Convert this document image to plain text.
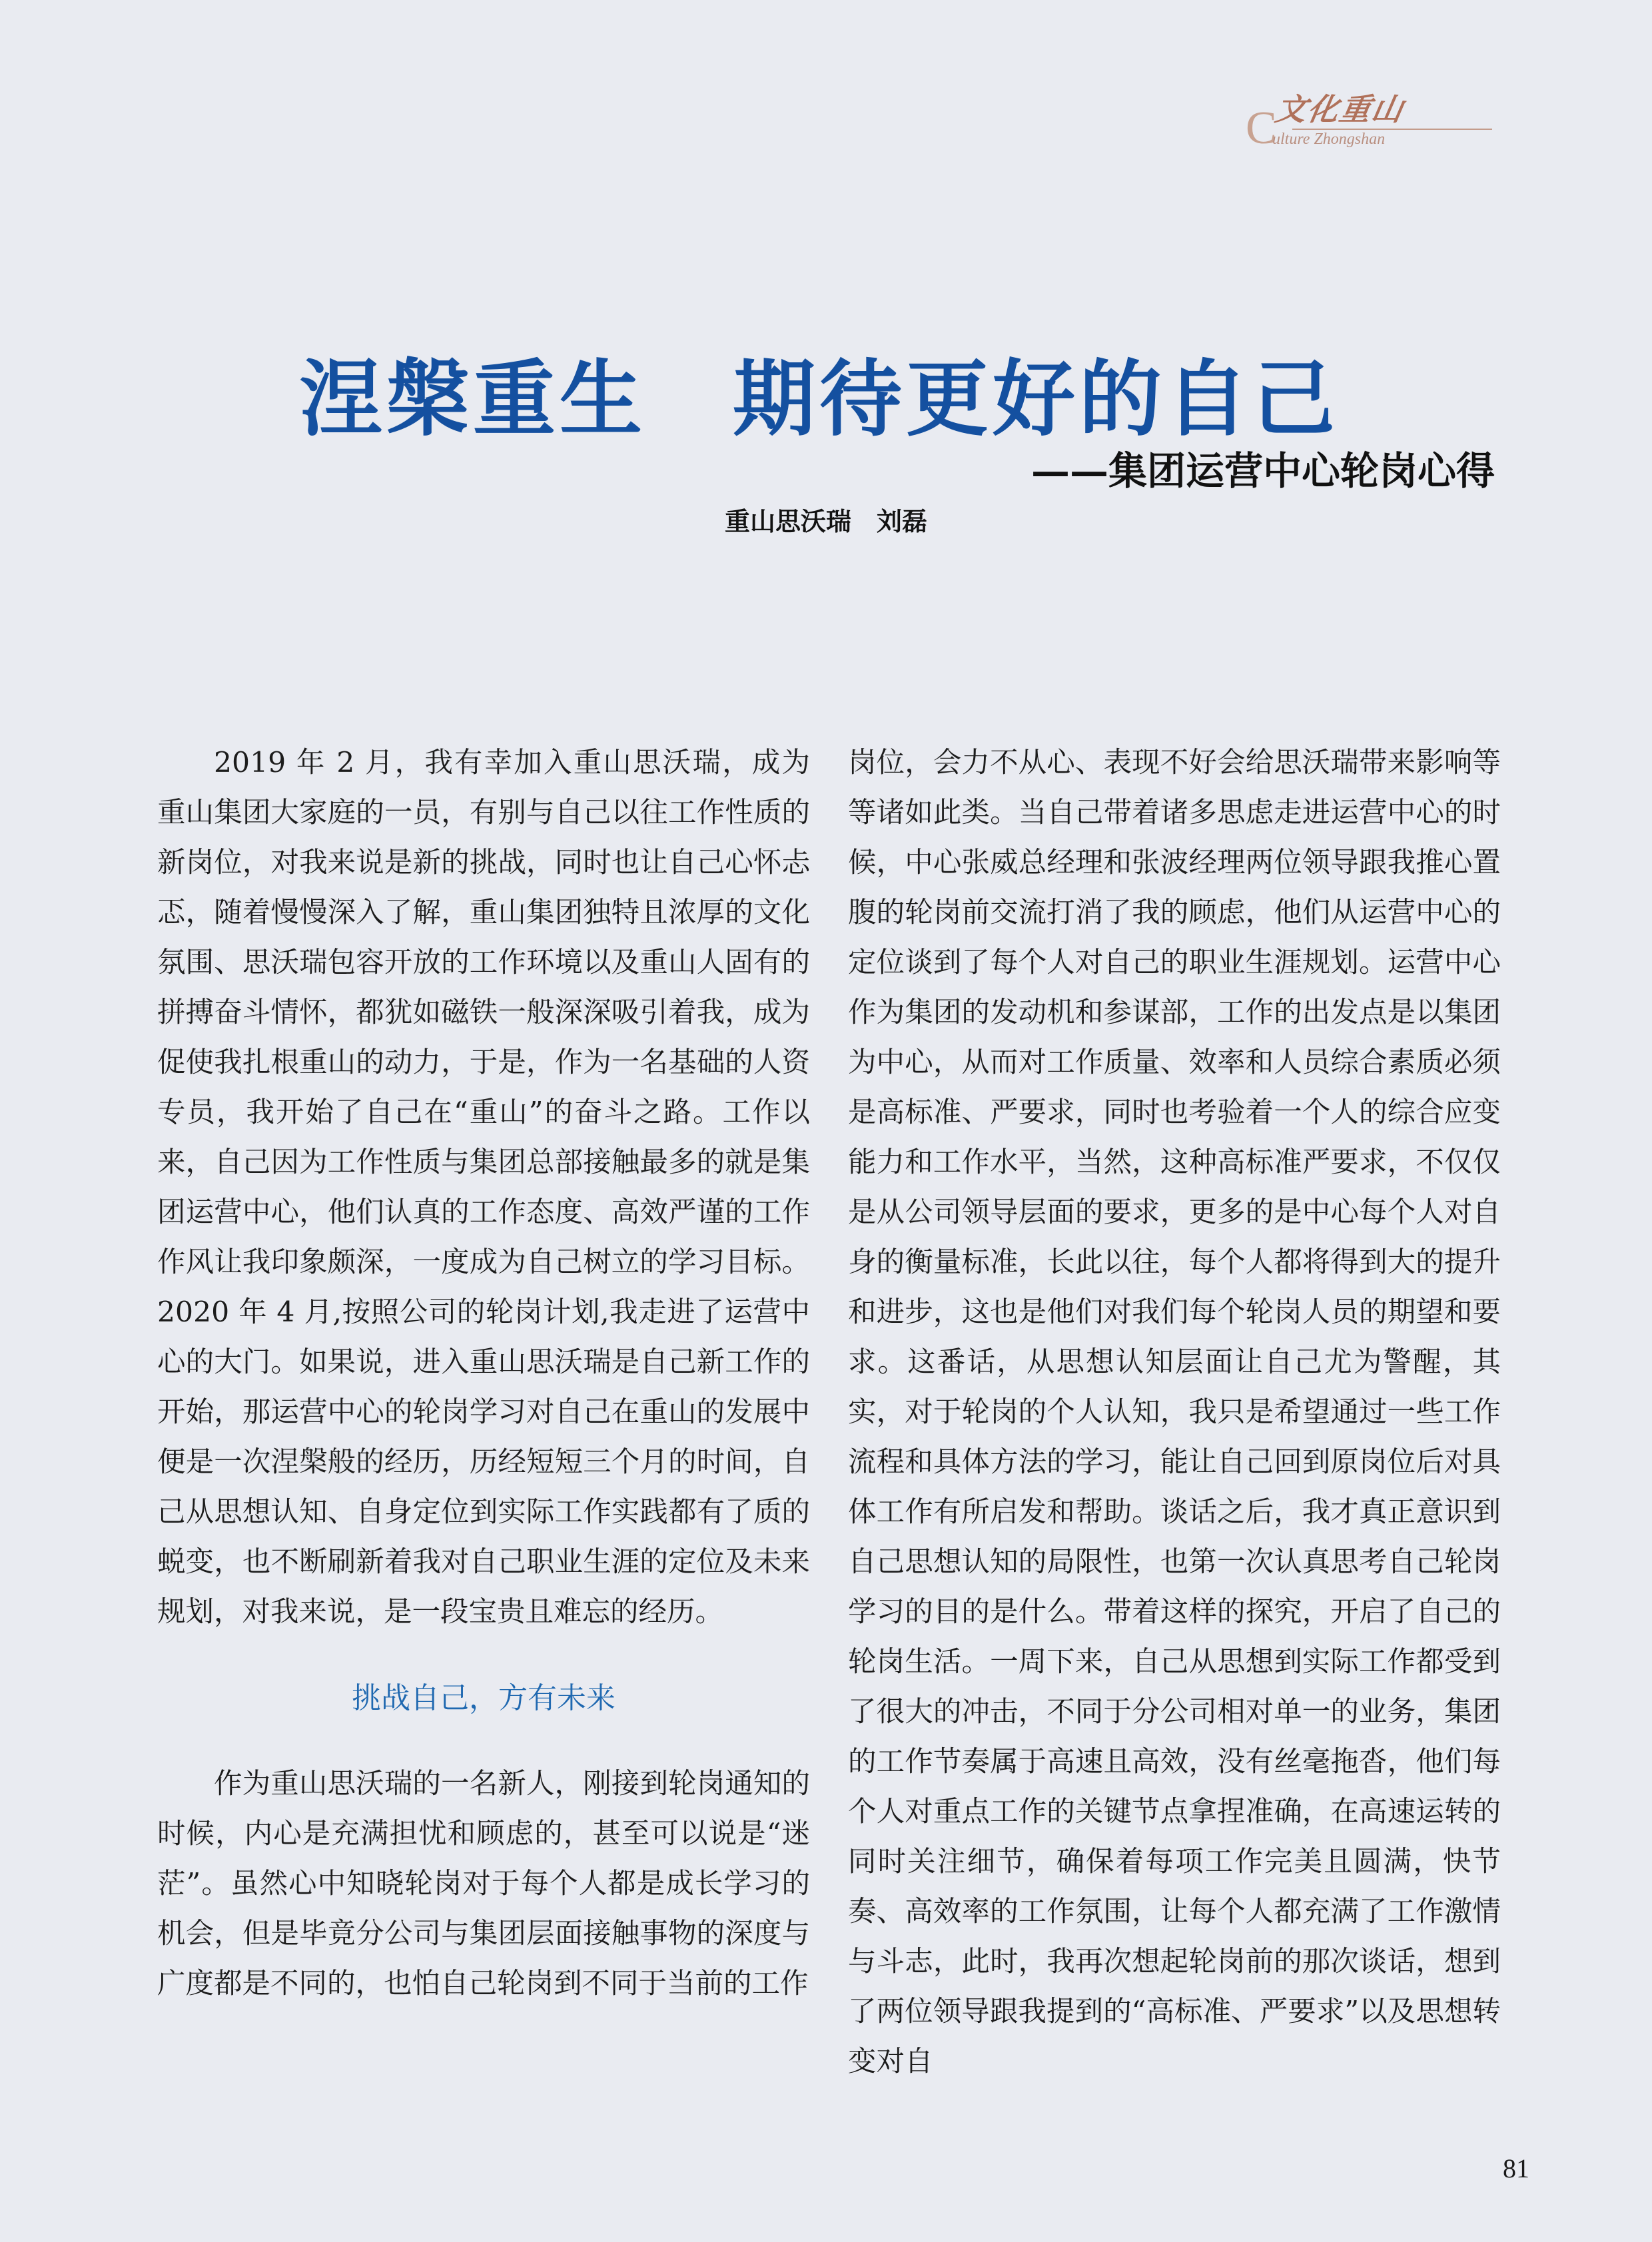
文化重山
C
ulture Zhongshan
涅槃重生　期待更好的自己
——集团运营中心轮岗心得
重山思沃瑞　刘磊

2019 年 2 月，我有幸加入重山思沃瑞，成为重山集团大家庭的一员，有别与自己以往工作性质的新岗位，对我来说是新的挑战，同时也让自己心怀忐忑，随着慢慢深入了解，重山集团独特且浓厚的文化氛围、思沃瑞包容开放的工作环境以及重山人固有的拼搏奋斗情怀，都犹如磁铁一般深深吸引着我，成为促使我扎根重山的动力，于是，作为一名基础的人资专员，我开始了自己在“重山”的奋斗之路。工作以来，自己因为工作性质与集团总部接触最多的就是集团运营中心，他们认真的工作态度、高效严谨的工作作风让我印象颇深，一度成为自己树立的学习目标。2020 年 4 月,按照公司的轮岗计划,我走进了运营中心的大门。如果说，进入重山思沃瑞是自己新工作的开始，那运营中心的轮岗学习对自己在重山的发展中便是一次涅槃般的经历，历经短短三个月的时间，自己从思想认知、自身定位到实际工作实践都有了质的蜕变，也不断刷新着我对自己职业生涯的定位及未来规划，对我来说，是一段宝贵且难忘的经历。

挑战自己，方有未来

作为重山思沃瑞的一名新人，刚接到轮岗通知的时候，内心是充满担忧和顾虑的，甚至可以说是“迷茫”。虽然心中知晓轮岗对于每个人都是成长学习的机会，但是毕竟分公司与集团层面接触事物的深度与广度都是不同的，也怕自己轮岗到不同于当前的工作

岗位，会力不从心、表现不好会给思沃瑞带来影响等等诸如此类。当自己带着诸多思虑走进运营中心的时候，中心张威总经理和张波经理两位领导跟我推心置腹的轮岗前交流打消了我的顾虑，他们从运营中心的定位谈到了每个人对自己的职业生涯规划。运营中心作为集团的发动机和参谋部，工作的出发点是以集团为中心，从而对工作质量、效率和人员综合素质必须是高标准、严要求，同时也考验着一个人的综合应变能力和工作水平，当然，这种高标准严要求，不仅仅是从公司领导层面的要求，更多的是中心每个人对自身的衡量标准，长此以往，每个人都将得到大的提升和进步，这也是他们对我们每个轮岗人员的期望和要求。这番话，从思想认知层面让自己尤为警醒，其实，对于轮岗的个人认知，我只是希望通过一些工作流程和具体方法的学习，能让自己回到原岗位后对具体工作有所启发和帮助。谈话之后，我才真正意识到自己思想认知的局限性，也第一次认真思考自己轮岗学习的目的是什么。带着这样的探究，开启了自己的轮岗生活。一周下来，自己从思想到实际工作都受到了很大的冲击，不同于分公司相对单一的业务，集团的工作节奏属于高速且高效，没有丝毫拖沓，他们每个人对重点工作的关键节点拿捏准确，在高速运转的同时关注细节，确保着每项工作完美且圆满，快节奏、高效率的工作氛围，让每个人都充满了工作激情与斗志，此时，我再次想起轮岗前的那次谈话，想到了两位领导跟我提到的“高标准、严要求”以及思想转变对自

81
